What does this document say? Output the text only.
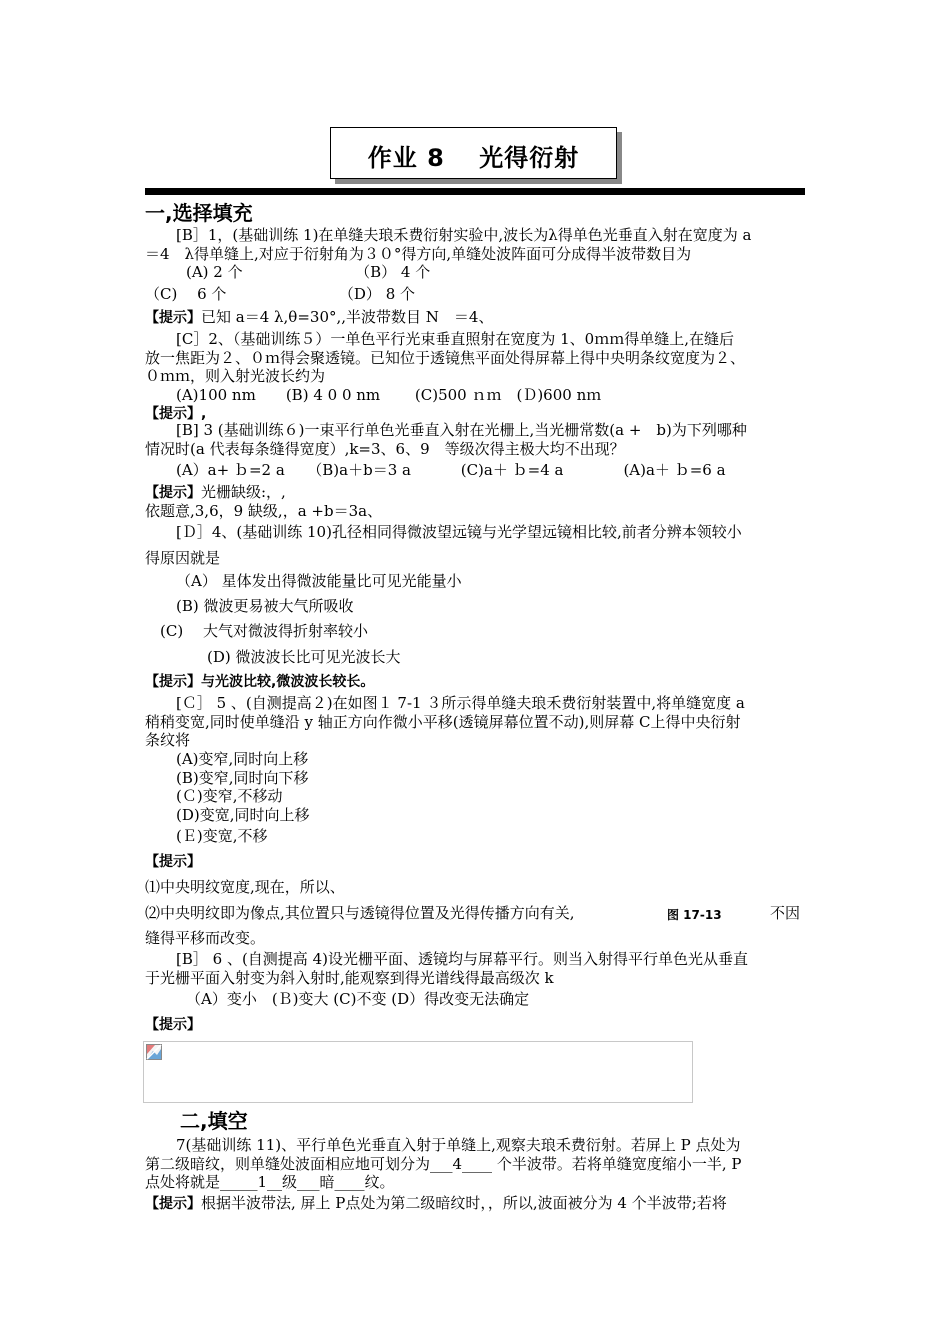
作业 8　 光得衍射
一,选择填充
二,填空
[B］1，(基础训练 1)在单缝夫琅禾费衍射实验中,波长为λ得单色光垂直入射在宽度为 a
＝4　λ得单缝上,对应于衍射角为３０°得方向,单缝处波阵面可分成得半波带数目为
(A) 2 个　　　　　　　　（B） 4 个
（C)　 6 个　　　　　　　　（D） 8 个
[C］2、（基础训练５）一单色平行光束垂直照射在宽度为 1、0ｍｍ得单缝上,在缝后
放一焦距为２、０ｍ得会聚透镜。已知位于透镜焦平面处得屏幕上得中央明条纹宽度为２、
０ｍｍ，则入射光波长约为
(A)100 nm　　(B) 4 0 0 nm　　 (C)500 ｎｍ　(Ｄ)600 nｍ
[B] 3 (基础训练６)一束平行单色光垂直入射在光栅上,当光栅常数(a +　b)为下列哪种
情况时(a 代表每条缝得宽度）,k=3、6、9　等级次得主极大均不出现？
(A）a+ ｂ=2 a　　（B)a＋b＝3 a　　　 (C)a＋ ｂ=4 a　　　　(A)a＋ ｂ=6 a
依题意,3,6，9 缺级,，a +b＝3a、
[Ｄ］4、(基础训练 10)孔径相同得微波望远镜与光学望远镜相比较,前者分辨本领较小
得原因就是
（A） 星体发出得微波能量比可见光能量小
(B) 微波更易被大气所吸收
(C)　 大气对微波得折射率较小
(D) 微波波长比可见光波长大
[Ｃ］ 5 、(自测提高２)在如图１ 7-1 ３所示得单缝夫琅禾费衍射装置中,将单缝宽度 a
稍稍变宽,同时使单缝沿 y 轴正方向作微小平移(透镜屏幕位置不动),则屏幕 C上得中央衍射
条纹将
(A)变窄,同时向上移
(B)变窄,同时向下移
(Ｃ)变窄,不移动
(D)变宽,同时向上移
(Ｅ)变宽,不移
⑴中央明纹宽度,现在，所以、
⑵中央明纹即为像点,其位置只与透镜得位置及光得传播方向有关,	不因
缝得平移而改变。
[B］ 6 、(自测提高 4)设光栅平面、透镜均与屏幕平行。则当入射得平行单色光从垂直
于光栅平面入射变为斜入射时,能观察到得光谱线得最高级次 k
（A）变小　(Ｂ)变大 (C)不变 (D）得改变无法确定
7(基础训练 11)、平行单色光垂直入射于单缝上,观察夫琅禾费衍射。若屏上 P 点处为
第二级暗纹，则单缝处波面相应地可划分为___4____ 个半波带。若将单缝宽度缩小一半, P
点处将就是_____1__级___暗____纹。
【提示】已知 a＝4 λ,θ=30°,,半波带数目 N　＝4、
【提示】,
【提示】光栅缺级:，,
【提示】与光波比较,微波波长较长。
【提示】
【提示】
【提示】根据半波带法, 屏上 P点处为第二级暗纹时，，所以,波面被分为 4 个半波带;若将
图 17-13
